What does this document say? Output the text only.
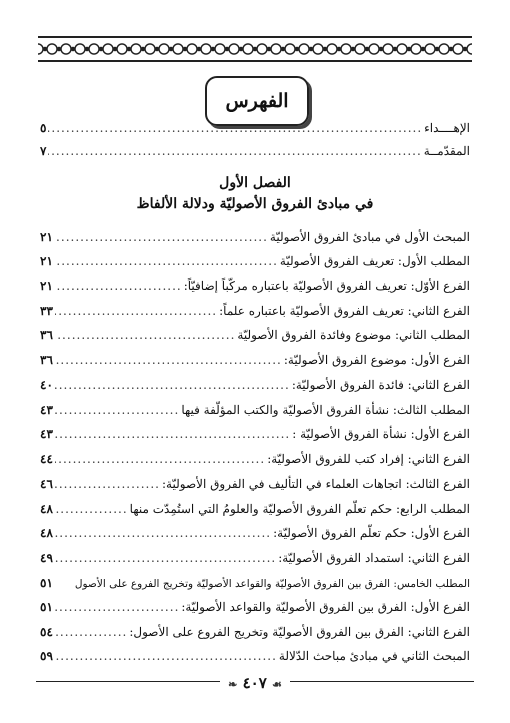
الفهرس
الإهــــداء
.....
٥
المقدّمــة
.....
٧
الفصل الأول
في مبادئ الفروق الأصوليّة ودلالة الألفاظ
المبحث الأول في مبادئ الفروق الأصوليّة
.....
٢١
المطلب الأول: تعريف الفروق الأصوليّة
.....
٢١
الفرع الأوّل: تعريف الفروق الأصوليّة باعتباره مركّباً إضافيّاً:
.....
٢١
الفرع الثاني: تعريف الفروق الأصوليّة باعتباره علماً:
.....
٣٣
المطلب الثاني: موضوع وفائدة الفروق الأصوليّة
.....
٣٦
الفرع الأول: موضوع الفروق الأصوليّة:
.....
٣٦
الفرع الثاني: فائدة الفروق الأصوليّة:
.....
٤٠
المطلب الثالث: نشأة الفروق الأصوليّة والكتب المؤلّفة فيها
.....
٤٣
الفرع الأول: نشأة الفروق الأصوليّة :
.....
٤٣
الفرع الثاني: إفراد كتب للفروق الأصوليّة:
.....
٤٤
الفرع الثالث: اتجاهات العلماء في التأليف في الفروق الأصوليّة:
.....
٤٦
المطلب الرابع: حكم تعلّم الفروق الأصوليّة والعلومُ التي استُمِدّت منها
.....
٤٨
الفرع الأول: حكم تعلّم الفروق الأصوليّة:
.....
٤٨
الفرع الثاني: استمداد الفروق الأصوليّة:
.....
٤٩
المطلب الخامس: الفرق بين الفروق الأصوليّة والقواعد الأصوليّة وتخريج الفروع على الأصول
٥١
الفرع الأول: الفرق بين الفروق الأصوليّة والقواعد الأصوليّة:
.....
٥١
الفرع الثاني: الفرق بين الفروق الأصوليّة وتخريج الفروع على الأصول:
.....
٥٤
المبحث الثاني في مبادئ مباحث الدّلالة
.....
٥٩
❧ ٤٠٧ ☙
